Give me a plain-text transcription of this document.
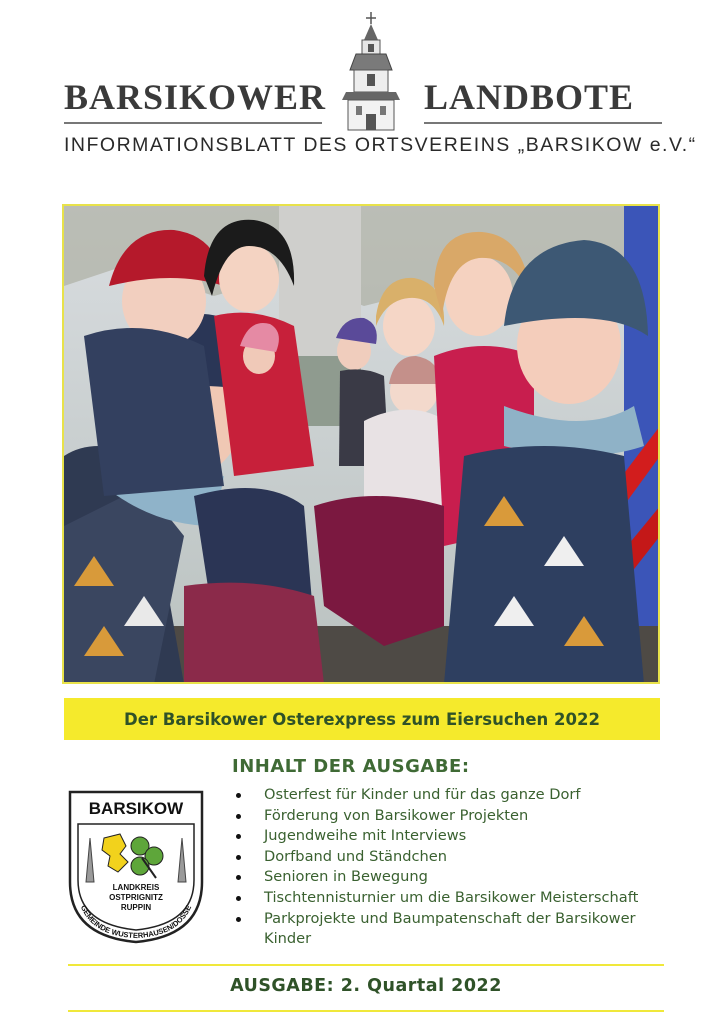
BARSIKOWER	LANDBOTE
INFORMATIONSBLATT DES ORTSVEREINS „BARSIKOW e.V.“
Der Barsikower Osterexpress zum Eiersuchen 2022
BARSIKOW
LANDKREIS
OSTPRIGNITZ
RUPPIN
GEMEINDE WUSTERHAUSEN/DOSSE
INHALT DER AUSGABE:
Osterfest für Kinder und für das ganze Dorf
Förderung von Barsikower Projekten
Jugendweihe mit Interviews
Dorfband und Ständchen
Senioren in Bewegung
Tischtennisturnier um die Barsikower Meisterschaft
Parkprojekte und Baumpatenschaft der Barsikower Kinder
AUSGABE: 2. Quartal 2022
